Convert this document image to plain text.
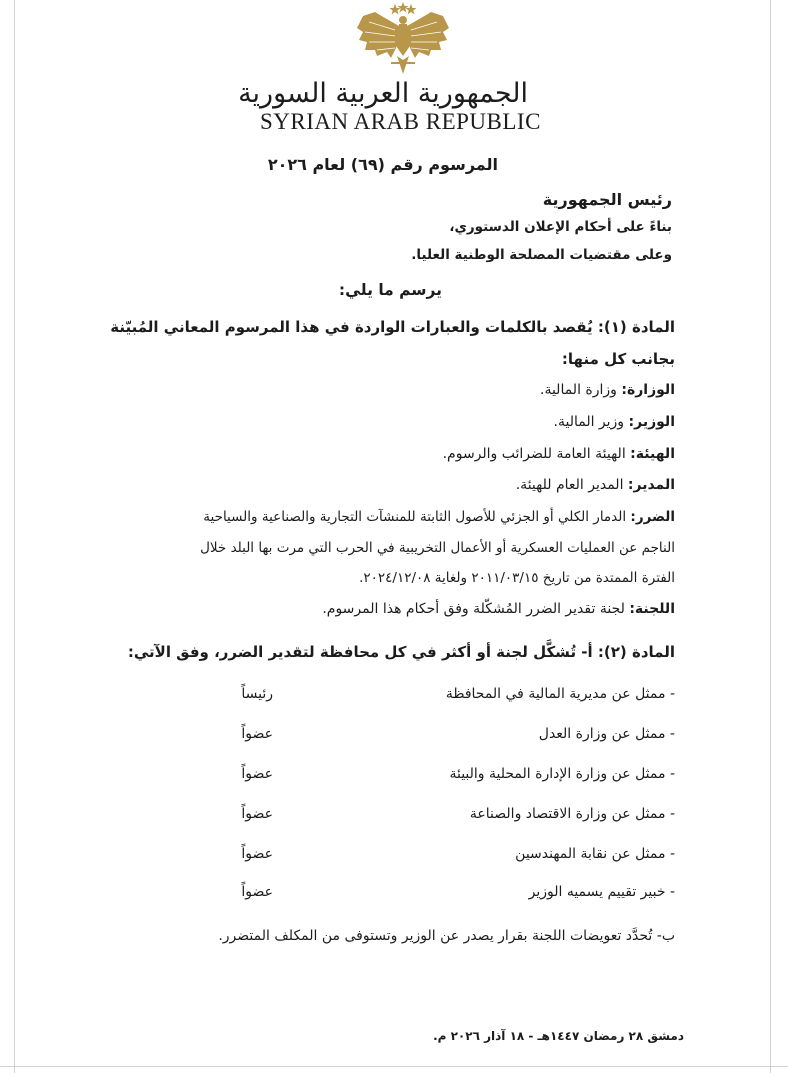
الجمهورية العربية السورية
SYRIAN ARAB REPUBLIC
المرسوم رقم (٦٩) لعام ٢٠٢٦
رئيس الجمهورية
بناءً على أحكام الإعلان الدستوري،
وعلى مقتضيات المصلحة الوطنية العليا.
يرسم ما يلي:
المادة (١): يُقصد بالكلمات والعبارات الواردة في هذا المرسوم المعاني المُبيّنة
بجانب كل منها:
الوزارة: وزارة المالية.
الوزير: وزير المالية.
الهيئة: الهيئة العامة للضرائب والرسوم.
المدير: المدير العام للهيئة.
الضرر: الدمار الكلي أو الجزئي للأصول الثابتة للمنشآت التجارية والصناعية والسياحية
الناجم عن العمليات العسكرية أو الأعمال التخريبية في الحرب التي مرت بها البلد خلال
الفترة الممتدة من تاريخ ٢٠١١/٠٣/١٥ ولغاية ٢٠٢٤/١٢/٠٨.
اللجنة: لجنة تقدير الضرر المُشكّلة وفق أحكام هذا المرسوم.
المادة (٢): أ- تُشكَّل لجنة أو أكثر في كل محافظة لتقدير الضرر، وفق الآتي:
- ممثل عن مديرية المالية في المحافظة
رئيساً
- ممثل عن وزارة العدل
عضواً
- ممثل عن وزارة الإدارة المحلية والبيئة
عضواً
- ممثل عن وزارة الاقتصاد والصناعة
عضواً
- ممثل عن نقابة المهندسين
عضواً
- خبير تقييم يسميه الوزير
عضواً
ب- تُحدَّد تعويضات اللجنة بقرار يصدر عن الوزير وتستوفى من المكلف المتضرر.
دمشق ٢٨ رمضان ١٤٤٧هـ - ١٨ آذار ٢٠٢٦ م.
